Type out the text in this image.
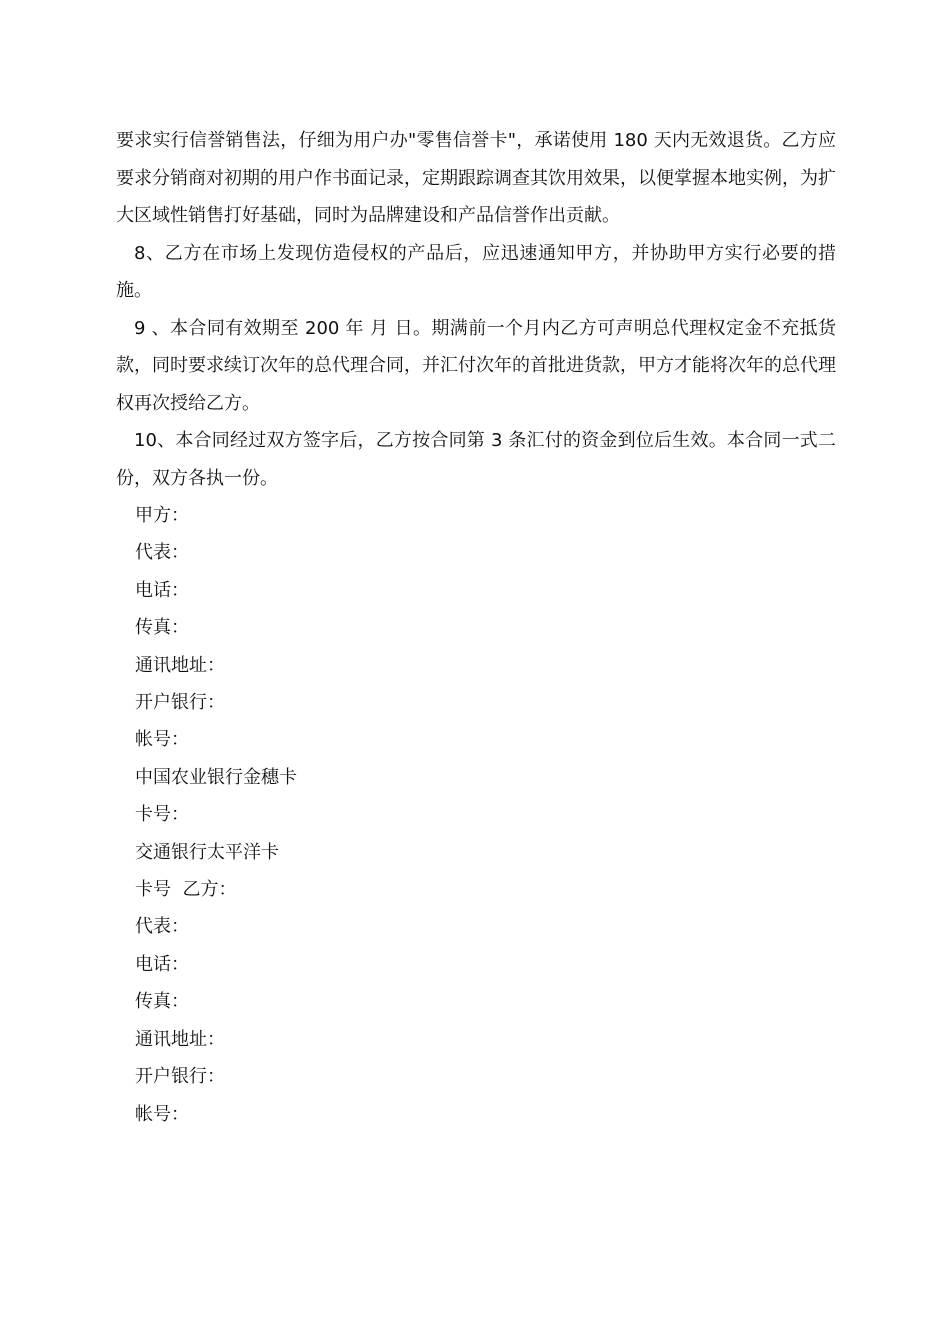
要求实行信誉销售法，仔细为用户办"零售信誉卡"，承诺使用 180 天内无效退货。乙方应要求分销商对初期的用户作书面记录，定期跟踪调查其饮用效果，以便掌握本地实例，为扩大区域性销售打好基础，同时为品牌建设和产品信誉作出贡献。

8、乙方在市场上发现仿造侵权的产品后，应迅速通知甲方，并协助甲方实行必要的措施。

9 、本合同有效期至 200 年 月 日。期满前一个月内乙方可声明总代理权定金不充抵货款，同时要求续订次年的总代理合同，并汇付次年的首批进货款，甲方才能将次年的总代理权再次授给乙方。

10、本合同经过双方签字后，乙方按合同第 3 条汇付的资金到位后生效。本合同一式二份，双方各执一份。

甲方：
代表：
电话：
传真：
通讯地址：
开户银行：
帐号：
中国农业银行金穗卡
卡号：
交通银行太平洋卡
卡号  乙方：
代表：
电话：
传真：
通讯地址：
开户银行：
帐号：
